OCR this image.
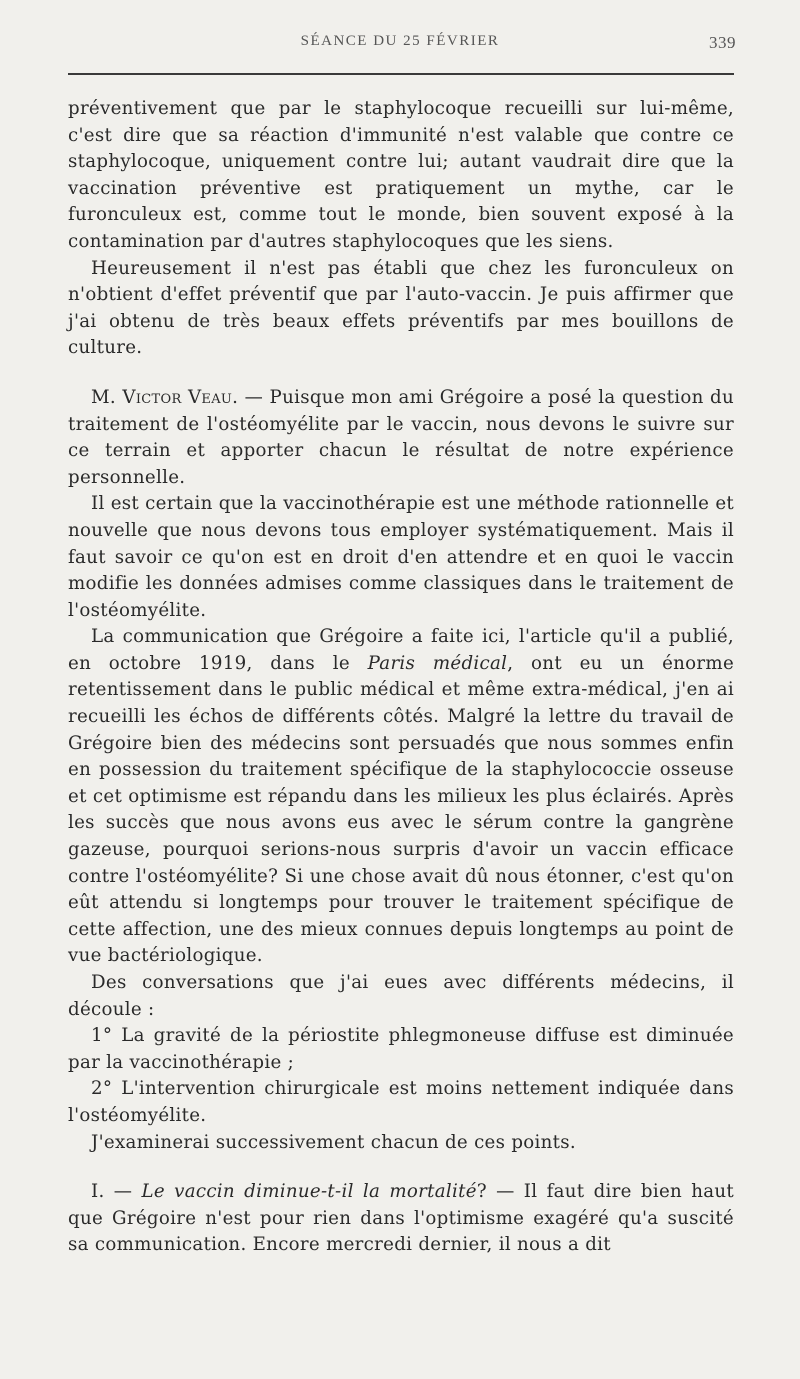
SÉANCE DU 25 FÉVRIER	339

préventivement que par le staphylocoque recueilli sur lui-même, c'est dire que sa réaction d'immunité n'est valable que contre ce staphylocoque, uniquement contre lui; autant vaudrait dire que la vaccination préventive est pratiquement un mythe, car le furonculeux est, comme tout le monde, bien souvent exposé à la contamination par d'autres staphylocoques que les siens.

Heureusement il n'est pas établi que chez les furonculeux on n'obtient d'effet préventif que par l'auto-vaccin. Je puis affirmer que j'ai obtenu de très beaux effets préventifs par mes bouillons de culture.

M. Victor Veau. — Puisque mon ami Grégoire a posé la question du traitement de l'ostéomyélite par le vaccin, nous devons le suivre sur ce terrain et apporter chacun le résultat de notre expérience personnelle.

Il est certain que la vaccinothérapie est une méthode rationnelle et nouvelle que nous devons tous employer systématiquement. Mais il faut savoir ce qu'on est en droit d'en attendre et en quoi le vaccin modifie les données admises comme classiques dans le traitement de l'ostéomyélite.

La communication que Grégoire a faite ici, l'article qu'il a publié, en octobre 1919, dans le Paris médical, ont eu un énorme retentissement dans le public médical et même extra-médical, j'en ai recueilli les échos de différents côtés. Malgré la lettre du travail de Grégoire bien des médecins sont persuadés que nous sommes enfin en possession du traitement spécifique de la staphylococcie osseuse et cet optimisme est répandu dans les milieux les plus éclairés. Après les succès que nous avons eus avec le sérum contre la gangrène gazeuse, pourquoi serions-nous surpris d'avoir un vaccin efficace contre l'ostéomyélite? Si une chose avait dû nous étonner, c'est qu'on eût attendu si longtemps pour trouver le traitement spécifique de cette affection, une des mieux connues depuis longtemps au point de vue bactériologique.

Des conversations que j'ai eues avec différents médecins, il découle :

1° La gravité de la périostite phlegmoneuse diffuse est diminuée par la vaccinothérapie ;

2° L'intervention chirurgicale est moins nettement indiquée dans l'ostéomyélite.

J'examinerai successivement chacun de ces points.

I. — Le vaccin diminue-t-il la mortalité? — Il faut dire bien haut que Grégoire n'est pour rien dans l'optimisme exagéré qu'a suscité sa communication. Encore mercredi dernier, il nous a dit
